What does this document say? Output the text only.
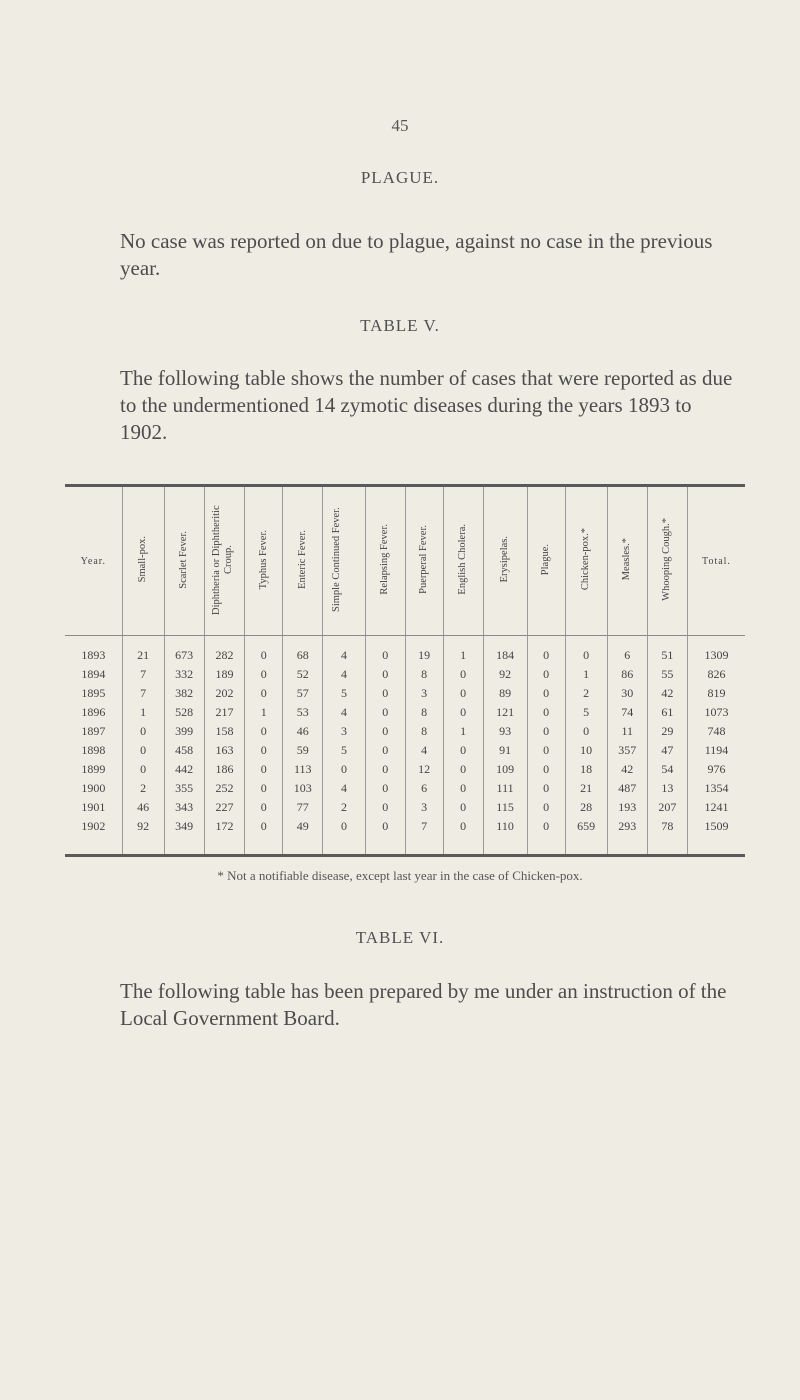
45
PLAGUE.
No case was reported on due to plague, against no case in the previous year.
TABLE V.
The following table shows the number of cases that were reported as due to the undermentioned 14 zymotic diseases during the years 1893 to 1902.
Year.	Small-pox.	Scarlet Fever.	Diphtheria or Diphtheritic Croup.	Typhus Fever.	Enteric Fever.	Simple Continued Fever.	Relapsing Fever.	Puerperal Fever.	English Cholera.	Erysipelas.	Plague.	Chicken-pox.*	Measles.*	Whooping Cough.*	Total.
1893	21	673	282	0	68	4	0	19	1	184	0	0	6	51	1309
1894	7	332	189	0	52	4	0	8	0	92	0	1	86	55	826
1895	7	382	202	0	57	5	0	3	0	89	0	2	30	42	819
1896	1	528	217	1	53	4	0	8	0	121	0	5	74	61	1073
1897	0	399	158	0	46	3	0	8	1	93	0	0	11	29	748
1898	0	458	163	0	59	5	0	4	0	91	0	10	357	47	1194
1899	0	442	186	0	113	0	0	12	0	109	0	18	42	54	976
1900	2	355	252	0	103	4	0	6	0	111	0	21	487	13	1354
1901	46	343	227	0	77	2	0	3	0	115	0	28	193	207	1241
1902	92	349	172	0	49	0	0	7	0	110	0	659	293	78	1509
* Not a notifiable disease, except last year in the case of Chicken-pox.
TABLE VI.
The following table has been prepared by me under an instruction of the Local Government Board.
